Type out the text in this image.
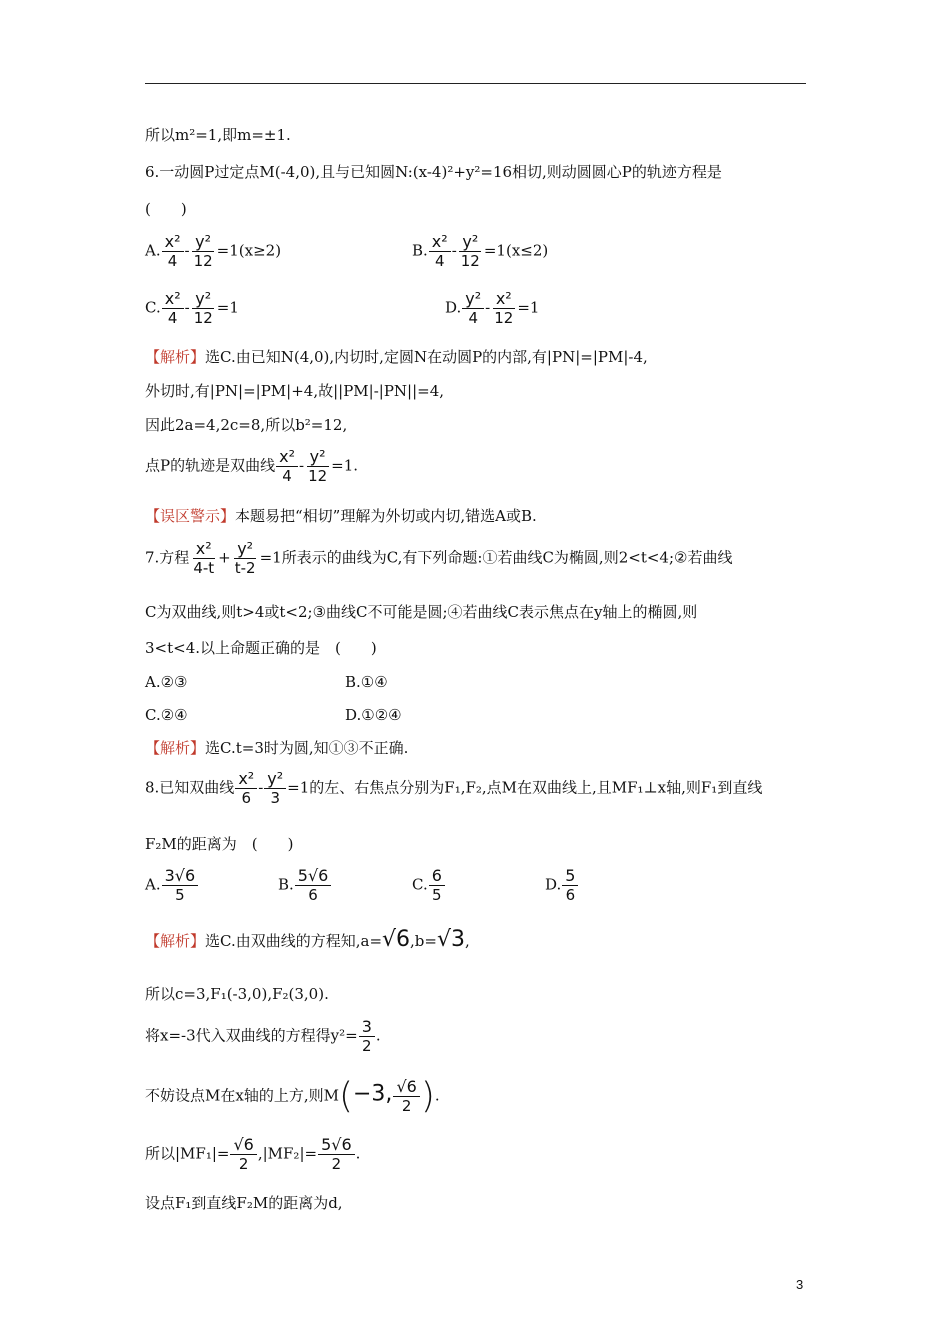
所以m²=1,即m=±1.
6.一动圆P过定点M(-4,0),且与已知圆N:(x-4)²+y²=16相切,则动圆圆心P的轨迹方程是
(　　)
A. $\frac{\text{x²}}{4} - \frac{\text{y²}}{12} =1(x\ge 2)$	B. $\frac{\text{x²}}{4} - \frac{\text{y²}}{12} =1(x\le 2)$
C. $\frac{\text{x²}}{4} - \frac{\text{y²}}{12} =1$	D. $\frac{\text{y²}}{4} - \frac{\text{x²}}{12} =1$
【解析】选C.由已知N(4,0),内切时,定圆N在动圆P的内部,有|PN|=|PM|-4,
外切时,有|PN|=|PM|+4,故||PM|-|PN||=4,
因此2a=4,2c=8,所以b²=12,
点P的轨迹是双曲线 $\frac{\text{x²}}{4} - \frac{\text{y²}}{12} =1$.
【误区警示】本题易把“相切”理解为外切或内切,错选A或B.
7.方程 $\frac{\text{x²}}{4-t} + \frac{\text{y²}}{t-2} =1$所表示的曲线为C,有下列命题:①若曲线C为椭圆,则2<t<4;②若曲线
C为双曲线,则t>4或t<2;③曲线C不可能是圆;④若曲线C表示焦点在y轴上的椭圆,则
3<t<4.以上命题正确的是　(　　)
A.②③	B.①④
C.②④	D.①②④
【解析】选C.t=3时为圆,知①③不正确.
8.已知双曲线 $\frac{\text{x²}}{6} - \frac{\text{y²}}{3} =1$的左、右焦点分别为F₁,F₂,点M在双曲线上,且MF₁⊥x轴,则F₁到直线
F₂M的距离为　(　　)
A. $\frac{3√6}{5}$	B. $\frac{5√6}{6}$	C. $\frac{6}{5}$	D. $\frac{5}{6}$
【解析】选C.由双曲线的方程知,a=√6,b=√3,
所以c=3,F₁(-3,0),F₂(3,0).
将x=-3代入双曲线的方程得$y^2= \frac{3}{2}$ .
不妨设点M在x轴的上方,则M(−3, $\frac{√6}{2}$ ).
所以$|MF_1|= \frac{√6}{2} ,|MF_2|= \frac{5√6}{2}$ .
设点F₁到直线F₂M的距离为d,
3
